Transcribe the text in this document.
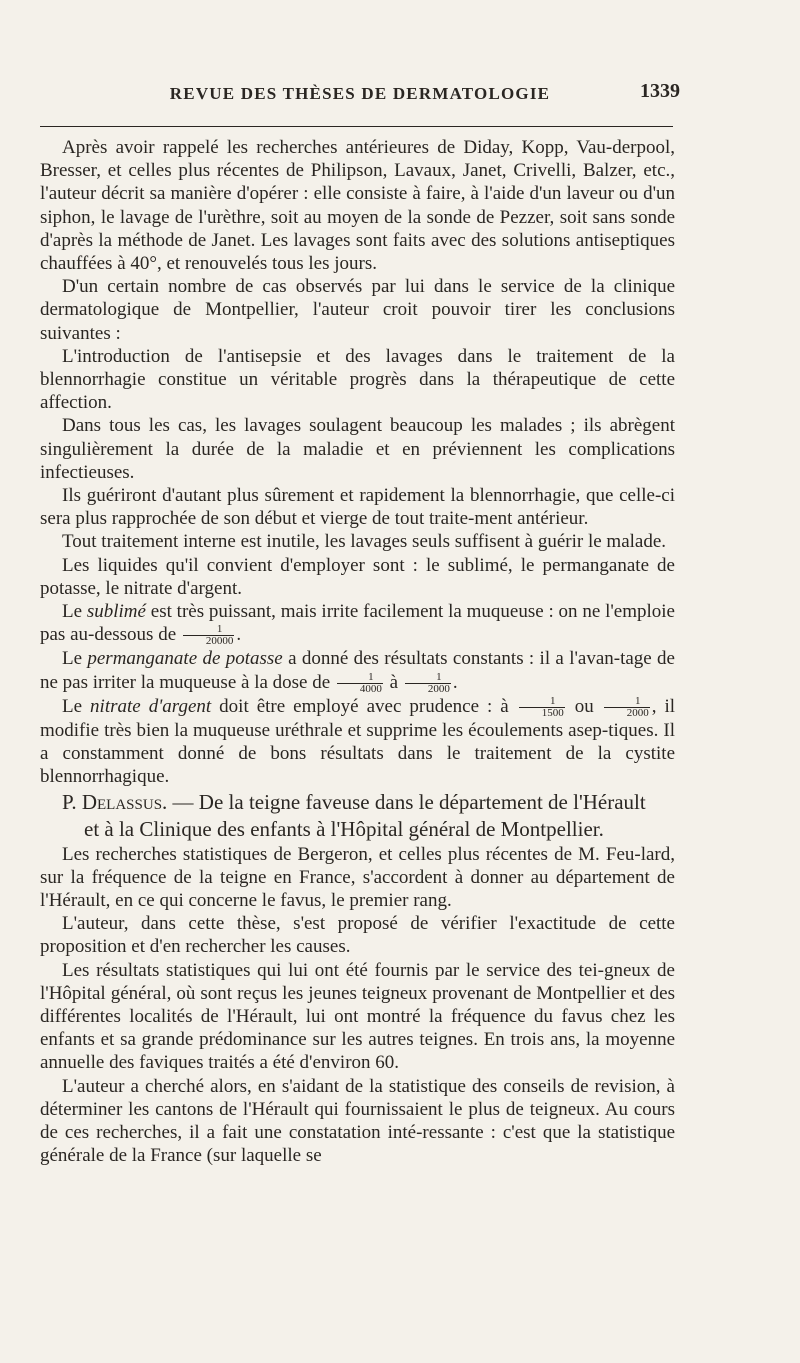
REVUE DES THÈSES DE DERMATOLOGIE	1339

Après avoir rappelé les recherches antérieures de Diday, Kopp, Vau-derpool, Bresser, et celles plus récentes de Philipson, Lavaux, Janet, Crivelli, Balzer, etc., l'auteur décrit sa manière d'opérer : elle consiste à faire, à l'aide d'un laveur ou d'un siphon, le lavage de l'urèthre, soit au moyen de la sonde de Pezzer, soit sans sonde d'après la méthode de Janet. Les lavages sont faits avec des solutions antiseptiques chauffées à 40°, et renouvelés tous les jours.

D'un certain nombre de cas observés par lui dans le service de la clinique dermatologique de Montpellier, l'auteur croit pouvoir tirer les conclusions suivantes :

L'introduction de l'antisepsie et des lavages dans le traitement de la blennorrhagie constitue un véritable progrès dans la thérapeutique de cette affection.

Dans tous les cas, les lavages soulagent beaucoup les malades ; ils abrègent singulièrement la durée de la maladie et en préviennent les complications infectieuses.

Ils guériront d'autant plus sûrement et rapidement la blennorrhagie, que celle-ci sera plus rapprochée de son début et vierge de tout traite-ment antérieur.

Tout traitement interne est inutile, les lavages seuls suffisent à guérir le malade.

Les liquides qu'il convient d'employer sont : le sublimé, le permanganate de potasse, le nitrate d'argent.

Le sublimé est très puissant, mais irrite facilement la muqueuse : on ne l'emploie pas au-dessous de $\frac{1}{20000}$ .

Le permanganate de potasse a donné des résultats constants : il a l'avan-tage de ne pas irriter la muqueuse à la dose de $\frac{1}{4000}$ à $\frac{1}{2000}$ .

Le nitrate d'argent doit être employé avec prudence : à $\frac{1}{1500}$ ou $\frac{1}{2000}$ , il modifie très bien la muqueuse uréthrale et supprime les écoulements asep-tiques. Il a constamment donné de bons résultats dans le traitement de la cystite blennorrhagique.

P. Delassus. — De la teigne faveuse dans le département de l'Hérault
et à la Clinique des enfants à l'Hôpital général de Montpellier.

Les recherches statistiques de Bergeron, et celles plus récentes de M. Feu-lard, sur la fréquence de la teigne en France, s'accordent à donner au département de l'Hérault, en ce qui concerne le favus, le premier rang.

L'auteur, dans cette thèse, s'est proposé de vérifier l'exactitude de cette proposition et d'en rechercher les causes.

Les résultats statistiques qui lui ont été fournis par le service des tei-gneux de l'Hôpital général, où sont reçus les jeunes teigneux provenant de Montpellier et des différentes localités de l'Hérault, lui ont montré la fréquence du favus chez les enfants et sa grande prédominance sur les autres teignes. En trois ans, la moyenne annuelle des faviques traités a été d'environ 60.

L'auteur a cherché alors, en s'aidant de la statistique des conseils de revision, à déterminer les cantons de l'Hérault qui fournissaient le plus de teigneux. Au cours de ces recherches, il a fait une constatation inté-ressante : c'est que la statistique générale de la France (sur laquelle se
